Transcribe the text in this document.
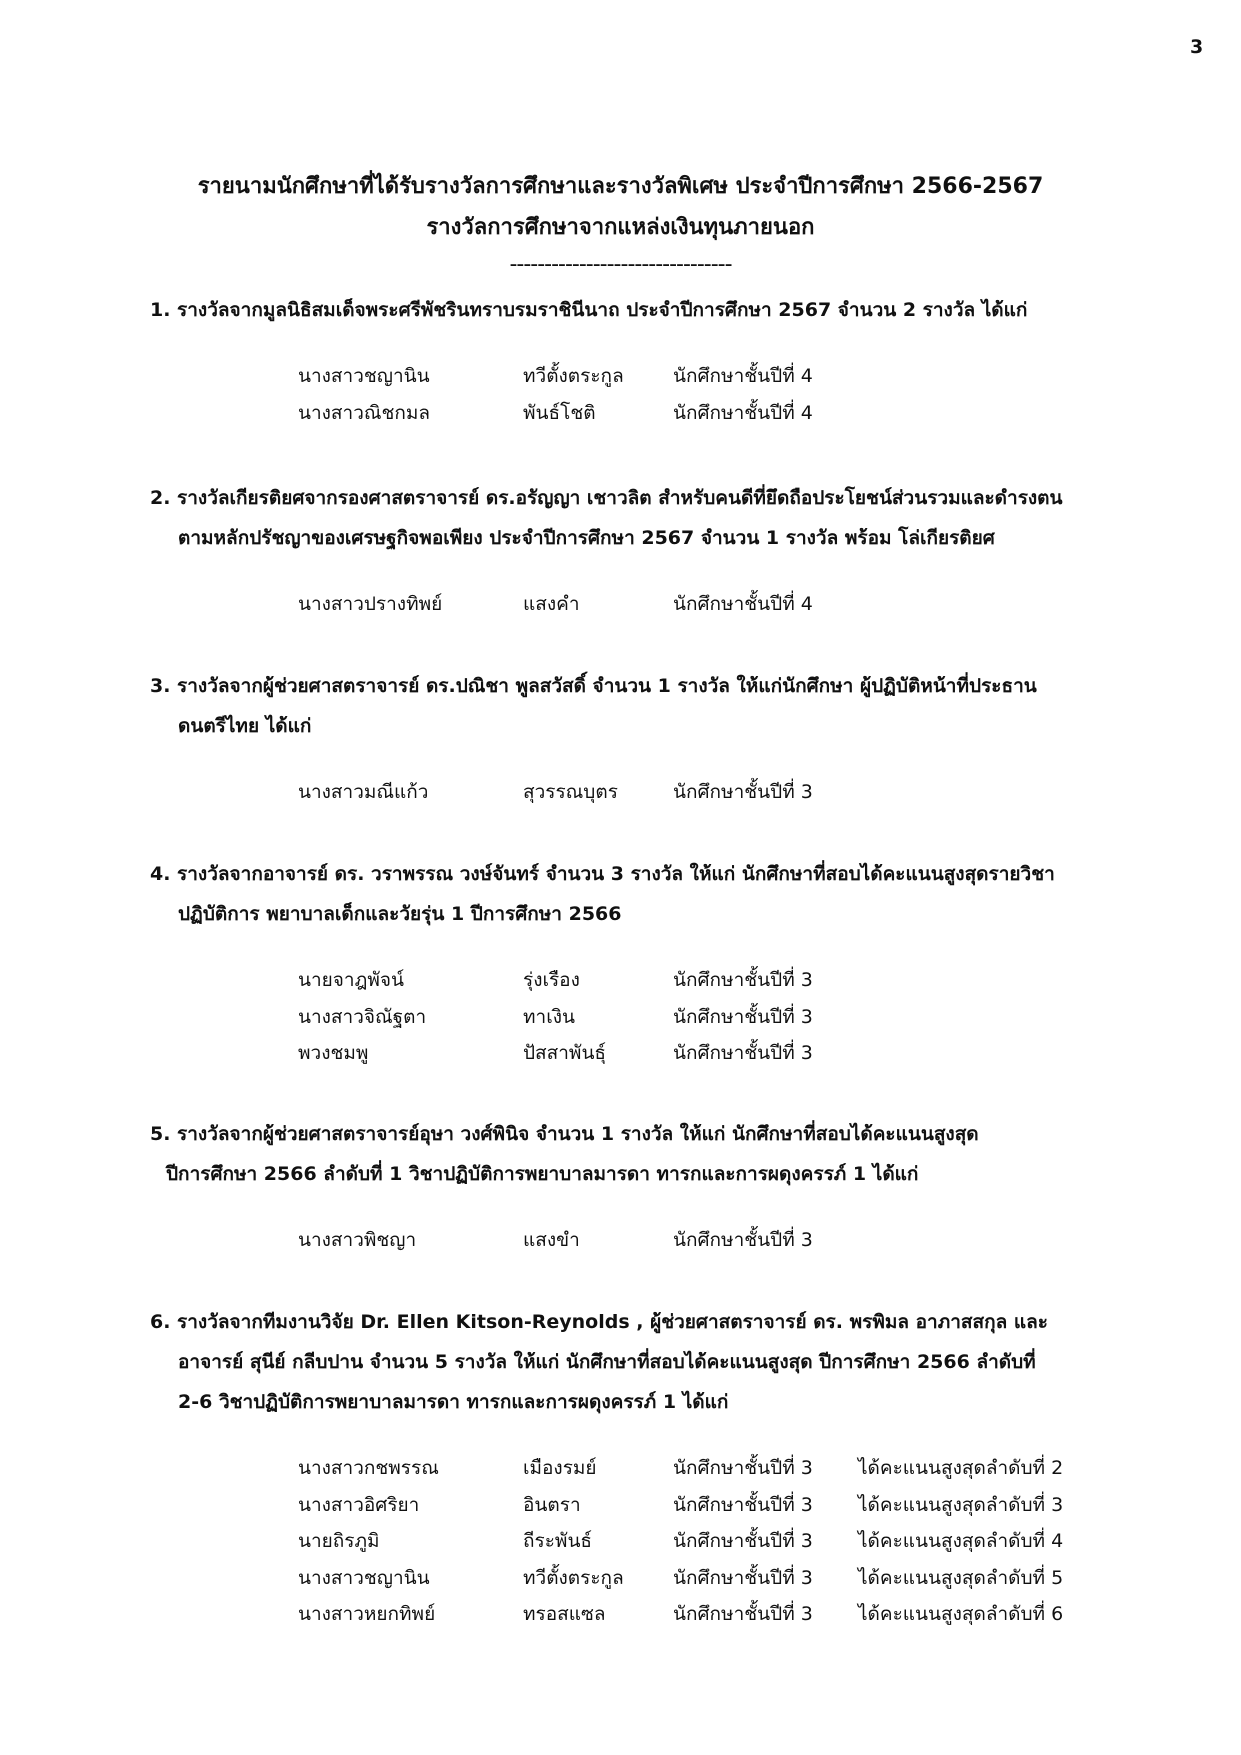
3
รายนามนักศึกษาที่ได้รับรางวัลการศึกษาและรางวัลพิเศษ ประจำปีการศึกษา 2566-2567
รางวัลการศึกษาจากแหล่งเงินทุนภายนอก
--------------------------------
1. รางวัลจากมูลนิธิสมเด็จพระศรีพัชรินทราบรมราชินีนาถ ประจำปีการศึกษา 2567 จำนวน 2 รางวัล ได้แก่
นางสาวชญานิน	ทวีตั้งตระกูล	นักศึกษาชั้นปีที่ 4
นางสาวณิชกมล	พันธ์โชติ	นักศึกษาชั้นปีที่ 4
2. รางวัลเกียรติยศจากรองศาสตราจารย์ ดร.อรัญญา เชาวลิต สำหรับคนดีที่ยึดถือประโยชน์ส่วนรวมและดำรงตน
ตามหลักปรัชญาของเศรษฐกิจพอเพียง ประจำปีการศึกษา 2567 จำนวน 1 รางวัล พร้อม โล่เกียรติยศ
นางสาวปรางทิพย์	แสงคำ	นักศึกษาชั้นปีที่ 4
3. รางวัลจากผู้ช่วยศาสตราจารย์ ดร.ปณิชา พูลสวัสดิ์ จำนวน 1 รางวัล ให้แก่นักศึกษา ผู้ปฏิบัติหน้าที่ประธาน
ดนตรีไทย ได้แก่
นางสาวมณีแก้ว	สุวรรณบุตร	นักศึกษาชั้นปีที่ 3
4. รางวัลจากอาจารย์ ดร. วราพรรณ วงษ์จันทร์ จำนวน 3 รางวัล ให้แก่ นักศึกษาที่สอบได้คะแนนสูงสุดรายวิชา
ปฏิบัติการ พยาบาลเด็กและวัยรุ่น 1 ปีการศึกษา 2566
นายจาฎพัจน์	รุ่งเรือง	นักศึกษาชั้นปีที่ 3
นางสาวจิณัฐตา	ทาเงิน	นักศึกษาชั้นปีที่ 3
พวงชมพู	ปัสสาพันธุ์	นักศึกษาชั้นปีที่ 3
5. รางวัลจากผู้ช่วยศาสตราจารย์อุษา วงศ์พินิจ จำนวน 1 รางวัล ให้แก่ นักศึกษาที่สอบได้คะแนนสูงสุด
ปีการศึกษา 2566 ลำดับที่ 1 วิชาปฏิบัติการพยาบาลมารดา ทารกและการผดุงครรภ์ 1 ได้แก่
นางสาวพิชญา	แสงขำ	นักศึกษาชั้นปีที่ 3
6. รางวัลจากทีมงานวิจัย Dr. Ellen Kitson-Reynolds , ผู้ช่วยศาสตราจารย์ ดร. พรพิมล อาภาสสกุล และ
อาจารย์ สุนีย์ กลีบปาน จำนวน 5 รางวัล ให้แก่ นักศึกษาที่สอบได้คะแนนสูงสุด ปีการศึกษา 2566 ลำดับที่
2-6 วิชาปฏิบัติการพยาบาลมารดา ทารกและการผดุงครรภ์ 1 ได้แก่
นางสาวกชพรรณ	เมืองรมย์	นักศึกษาชั้นปีที่ 3	ได้คะแนนสูงสุดลำดับที่ 2
นางสาวอิศริยา	อินตรา	นักศึกษาชั้นปีที่ 3	ได้คะแนนสูงสุดลำดับที่ 3
นายถิรภูมิ	ถีระพันธ์	นักศึกษาชั้นปีที่ 3	ได้คะแนนสูงสุดลำดับที่ 4
นางสาวชญานิน	ทวีตั้งตระกูล	นักศึกษาชั้นปีที่ 3	ได้คะแนนสูงสุดลำดับที่ 5
นางสาวหยกทิพย์	ทรอสแซล	นักศึกษาชั้นปีที่ 3	ได้คะแนนสูงสุดลำดับที่ 6
